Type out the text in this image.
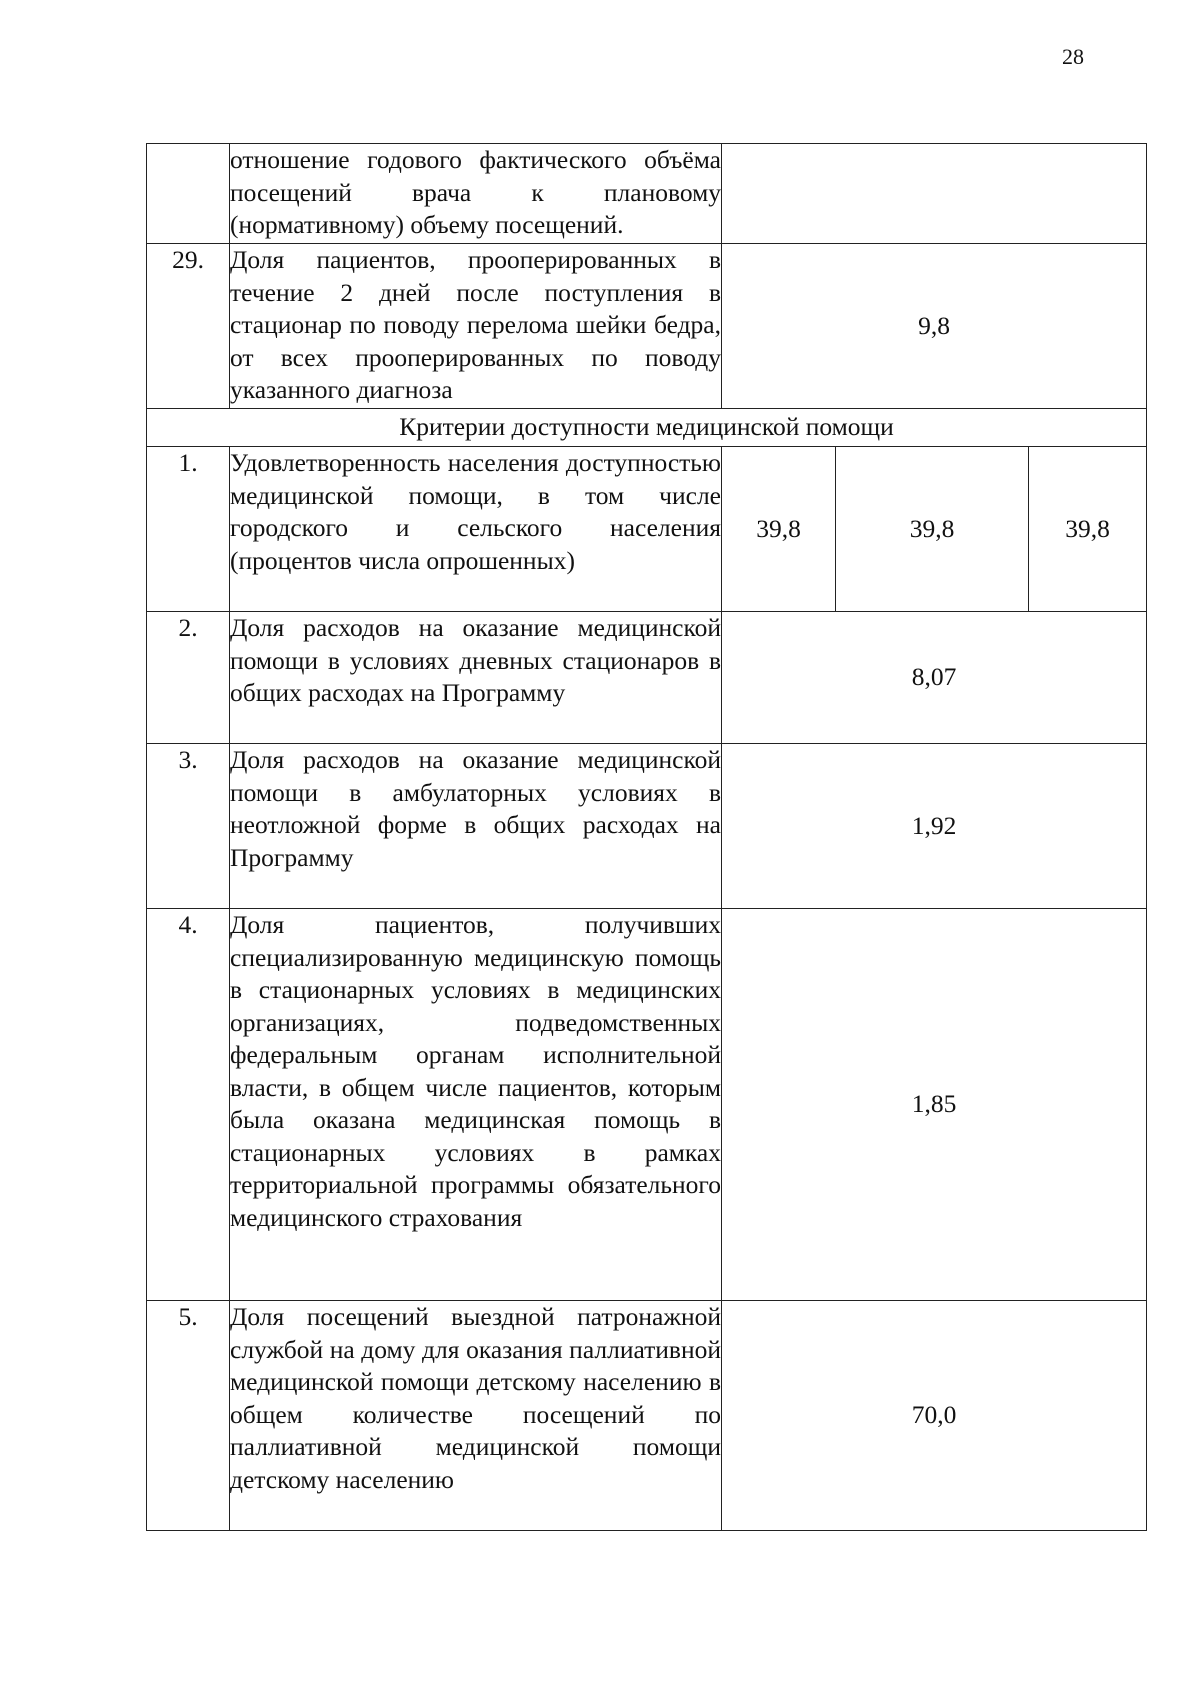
28
	отношение годового фактического объёма посещений врача к плановому (нормативному) объему посещений.			
29.	Доля пациентов, прооперированных в течение 2 дней после поступления в стационар по поводу перелома шейки бедра, от всех прооперированных по поводу указанного диагноза	9,8		
Критерии доступности медицинской помощи				
1.	Удовлетворенность населения доступностью медицинской помощи, в том числе городского и сельского населения (процентов числа опрошенных)	39,8	39,8	39,8
2.	Доля расходов на оказание медицинской помощи в условиях дневных стационаров в общих расходах на Программу	8,07		
3.	Доля расходов на оказание медицинской помощи в амбулаторных условиях в неотложной форме в общих расходах на Программу	1,92		
4.	Доля пациентов, получивших специализированную медицинскую помощь в стационарных условиях в медицинских организациях, подведомственных федеральным органам исполнительной власти, в общем числе пациентов, которым была оказана медицинская помощь в стационарных условиях в рамках территориальной программы обязательного медицинского страхования	1,85		
5.	Доля посещений выездной патронажной службой на дому для оказания паллиативной медицинской помощи детскому населению в общем количестве посещений по паллиативной медицинской помощи детскому населению	70,0		
